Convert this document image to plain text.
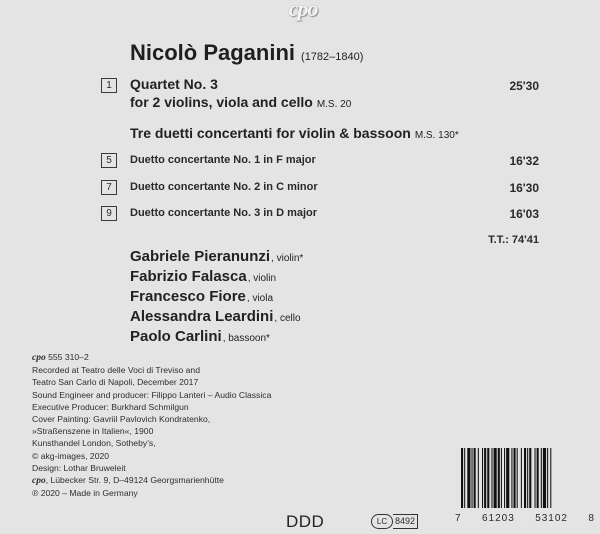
cpo
Nicolò Paganini (1782–1840)
1	Quartet No. 3
for 2 violins, viola and cello M.S. 20
25'30
Tre duetti concertanti for violin & bassoon M.S. 130*
5	Duetto concertante No. 1 in F major	16'32
7	Duetto concertante No. 2 in C minor	16'30
9	Duetto concertante No. 3 in D major	16'03
T.T.: 74'41
Gabriele Pieranunzi, violin*
Fabrizio Falasca, violin
Francesco Fiore, viola
Alessandra Leardini, cello
Paolo Carlini, bassoon*
cpo 555 310–2
Recorded at Teatro delle Voci di Treviso and
Teatro San Carlo di Napoli, December 2017
Sound Engineer and producer: Filippo Lanteri – Audio Classica
Executive Producer: Burkhard Schmilgun
Cover Painting: Gavriil Pavlovich Kondratenko,
»Straßenszene in Italien«, 1900
Kunsthandel London, Sotheby’s,
© akg-images, 2020
Design: Lothar Bruweleit
cpo, Lübecker Str. 9, D–49124 Georgsmarienhütte
℗ 2020 – Made in Germany
DDD	LC 8492	7 61203 53102 8
